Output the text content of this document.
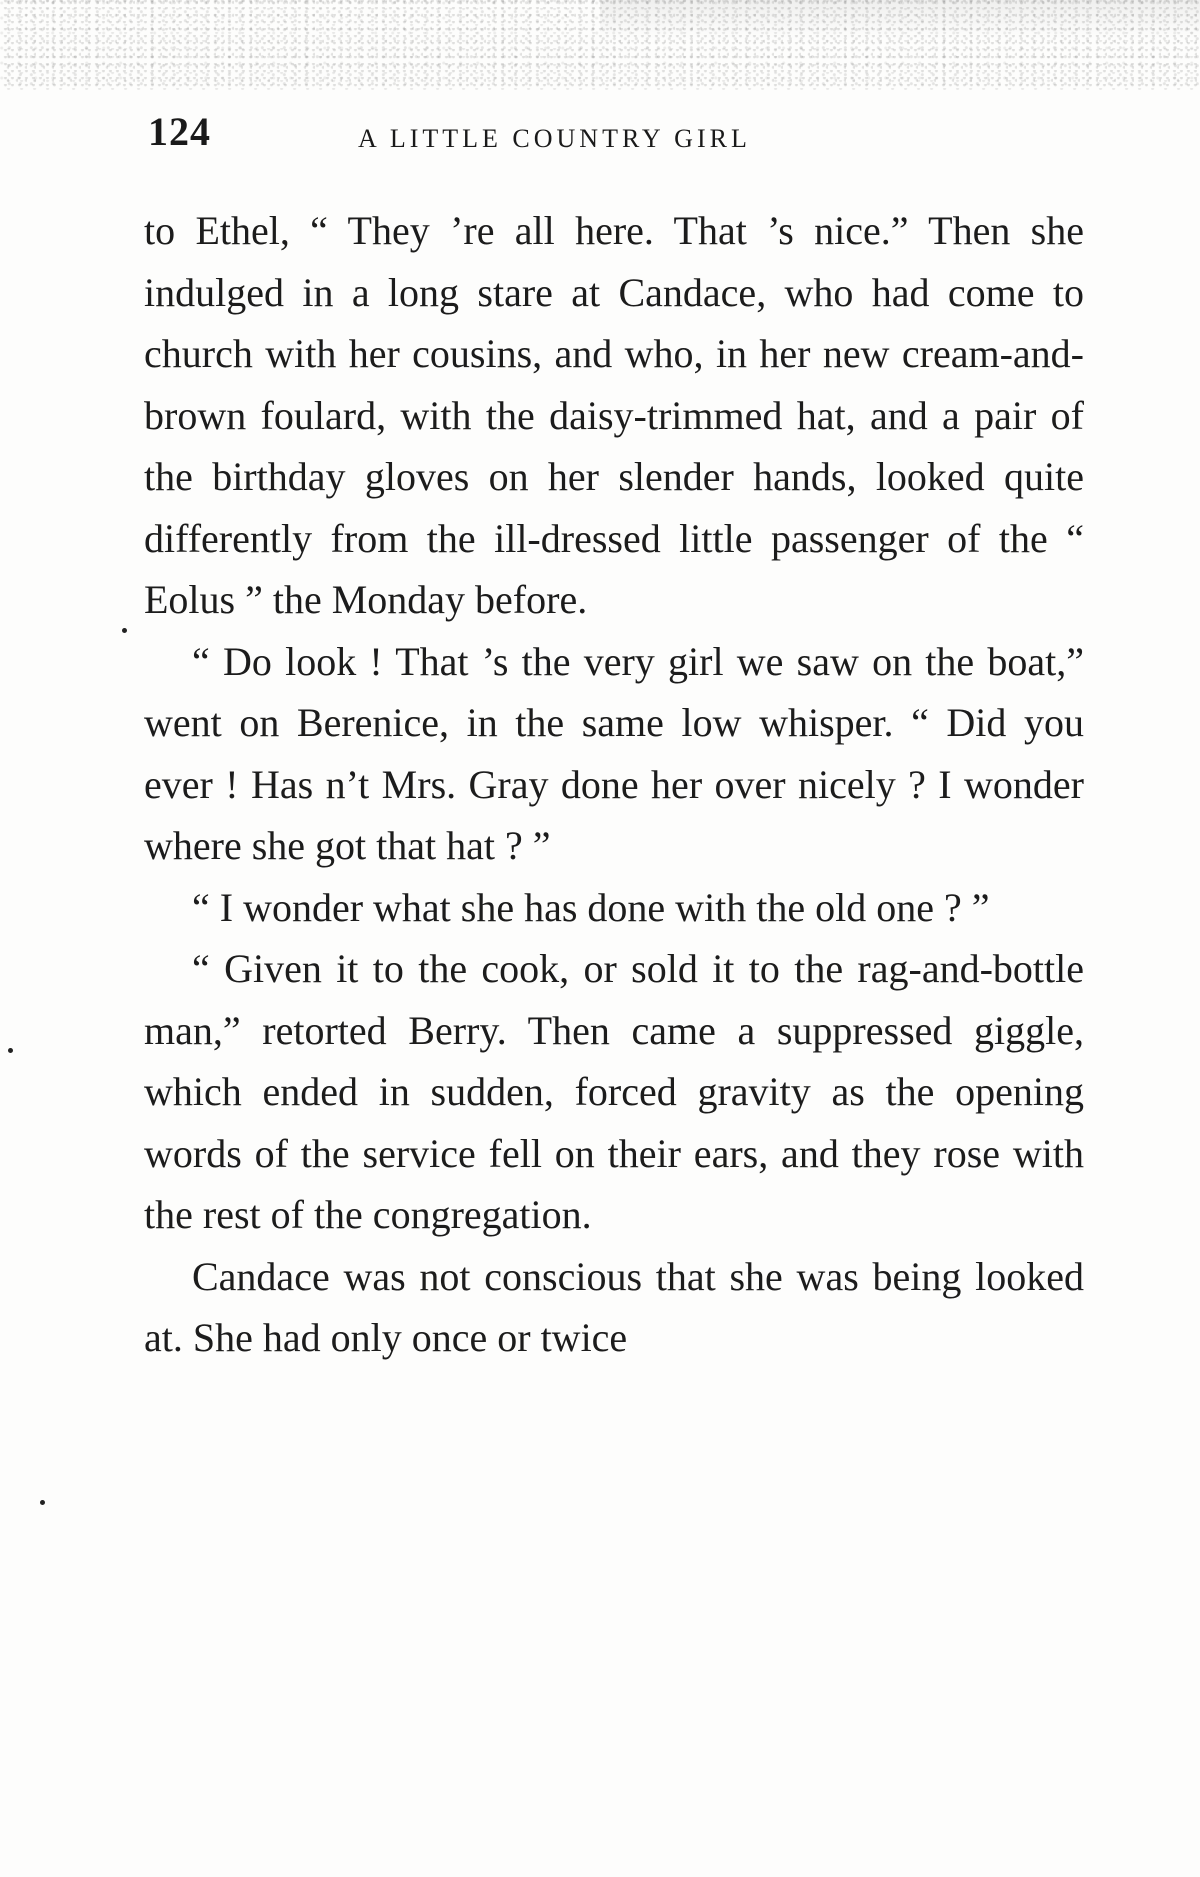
124	A LITTLE COUNTRY GIRL

to Ethel, “ They ’re all here. That ’s nice.” Then she indulged in a long stare at Candace, who had come to church with her cousins, and who, in her new cream-and-brown foulard, with the daisy-trimmed hat, and a pair of the birthday gloves on her slender hands, looked quite differently from the ill-dressed little passenger of the “ Eolus ” the Monday before.

“ Do look ! That ’s the very girl we saw on the boat,” went on Berenice, in the same low whisper. “ Did you ever ! Has n’t Mrs. Gray done her over nicely ? I wonder where she got that hat ? ”

“ I wonder what she has done with the old one ? ”

“ Given it to the cook, or sold it to the rag-and-bottle man,” retorted Berry. Then came a suppressed giggle, which ended in sudden, forced gravity as the opening words of the service fell on their ears, and they rose with the rest of the congregation.

Candace was not conscious that she was being looked at. She had only once or twice
